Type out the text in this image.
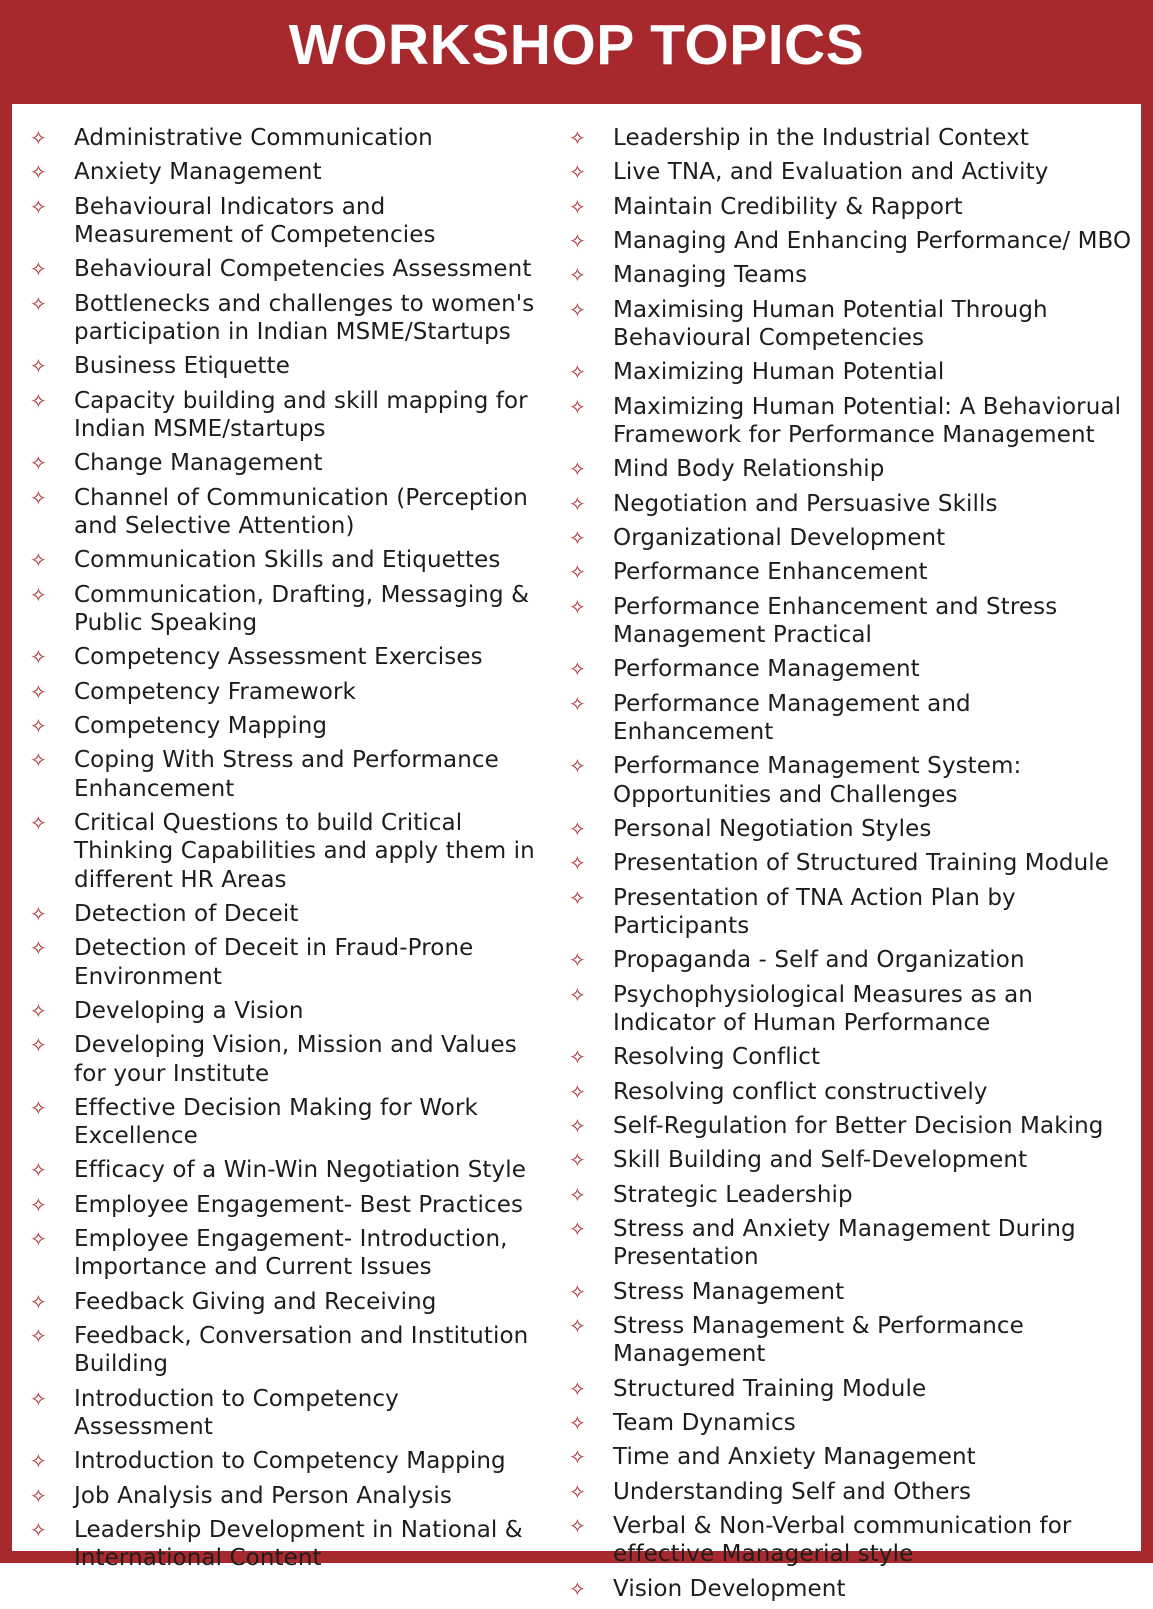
WORKSHOP TOPICS
✧	Administrative Communication
✧	Anxiety Management
✧	Behavioural Indicators and Measurement of Competencies
✧	Behavioural Competencies Assessment
✧	Bottlenecks and challenges to women's participation in Indian MSME/Startups
✧	Business Etiquette
✧	Capacity building and skill mapping for Indian MSME/startups
✧	Change Management
✧	Channel of Communication (Perception and Selective Attention)
✧	Communication Skills and Etiquettes
✧	Communication, Drafting, Messaging & Public Speaking
✧	Competency Assessment Exercises
✧	Competency Framework
✧	Competency Mapping
✧	Coping With Stress and Performance Enhancement
✧	Critical Questions to build Critical Thinking Capabilities and apply them in different HR Areas
✧	Detection of Deceit
✧	Detection of Deceit in Fraud-Prone Environment
✧	Developing a Vision
✧	Developing Vision, Mission and Values for your Institute
✧	Effective Decision Making for Work Excellence
✧	Efficacy of a Win-Win Negotiation Style
✧	Employee Engagement- Best Practices
✧	Employee Engagement- Introduction, Importance and Current Issues
✧	Feedback Giving and Receiving
✧	Feedback, Conversation and Institution Building
✧	Introduction to Competency Assessment
✧	Introduction to Competency Mapping
✧	Job Analysis and Person Analysis
✧	Leadership Development in National & International Content
✧	Leadership in the Industrial Context
✧	Live TNA, and Evaluation and Activity
✧	Maintain Credibility & Rapport
✧	Managing And Enhancing Performance/ MBO
✧	Managing Teams
✧	Maximising Human Potential Through Behavioural Competencies
✧	Maximizing Human Potential
✧	Maximizing Human Potential: A Behaviorual Framework for Performance Management
✧	Mind Body Relationship
✧	Negotiation and Persuasive Skills
✧	Organizational Development
✧	Performance Enhancement
✧	Performance Enhancement and Stress Management Practical
✧	Performance Management
✧	Performance Management and Enhancement
✧	Performance Management System: Opportunities and Challenges
✧	Personal Negotiation Styles
✧	Presentation of Structured Training Module
✧	Presentation of TNA Action Plan by Participants
✧	Propaganda - Self and Organization
✧	Psychophysiological Measures as an Indicator of Human Performance
✧	Resolving Conflict
✧	Resolving conflict constructively
✧	Self-Regulation for Better Decision Making
✧	Skill Building and Self-Development
✧	Strategic Leadership
✧	Stress and Anxiety Management During Presentation
✧	Stress Management
✧	Stress Management & Performance Management
✧	Structured Training Module
✧	Team Dynamics
✧	Time and Anxiety Management
✧	Understanding Self and Others
✧	Verbal & Non-Verbal communication for effective Managerial style
✧	Vision Development
